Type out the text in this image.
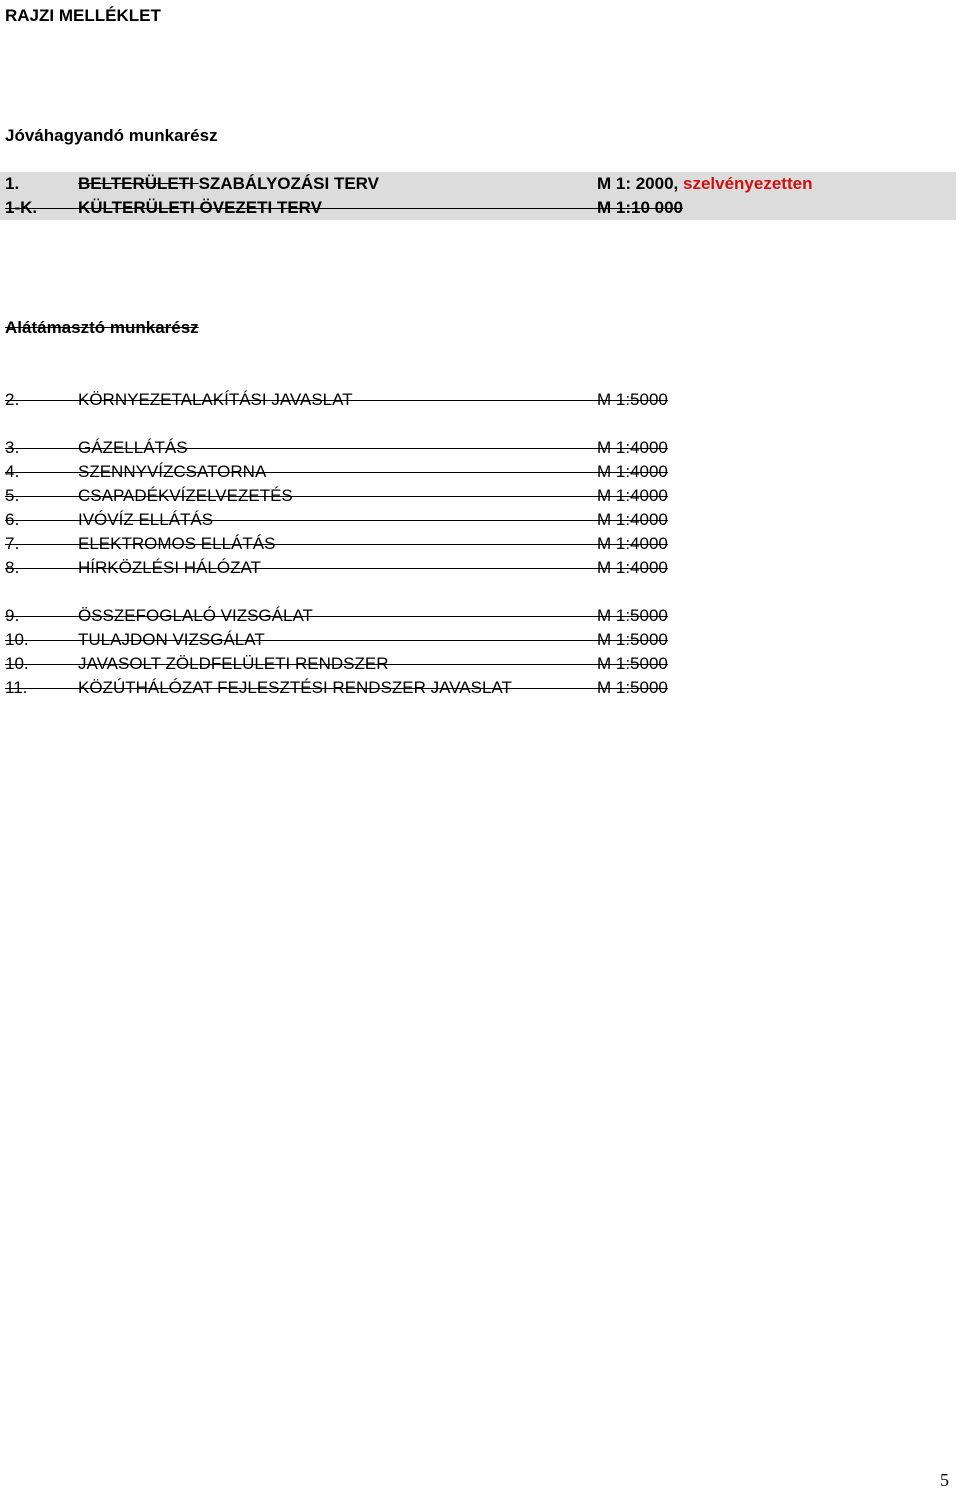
RAJZI MELLÉKLET
Jóváhagyandó munkarész
1.	BELTERÜLETI SZABÁLYOZÁSI TERV	M 1: 2000, szelvényezetten
1-K. KÜLTERÜLETI ÖVEZETI TERV	M 1:10 000
Alátámasztó munkarész
2.	KÖRNYEZETALAKÍTÁSI JAVASLAT	M 1:5000
3.	GÁZELLÁTÁS	M 1:4000
4.	SZENNYVÍZCSATORNA	M 1:4000
5.	CSAPADÉKVÍZELVEZETÉS	M 1:4000
6.	IVÓVÍZ ELLÁTÁS	M 1:4000
7.	ELEKTROMOS ELLÁTÁS	M 1:4000
8.	HÍRKÖZLÉSI HÁLÓZAT	M 1:4000
9.	ÖSSZEFOGLALÓ VIZSGÁLAT	M 1:5000
10.	TULAJDON VIZSGÁLAT	M 1:5000
10.	JAVASOLT ZÖLDFELÜLETI RENDSZER	M 1:5000
11.	KÖZÚTHÁLÓZAT FEJLESZTÉSI RENDSZER JAVASLAT	M 1:5000
5
